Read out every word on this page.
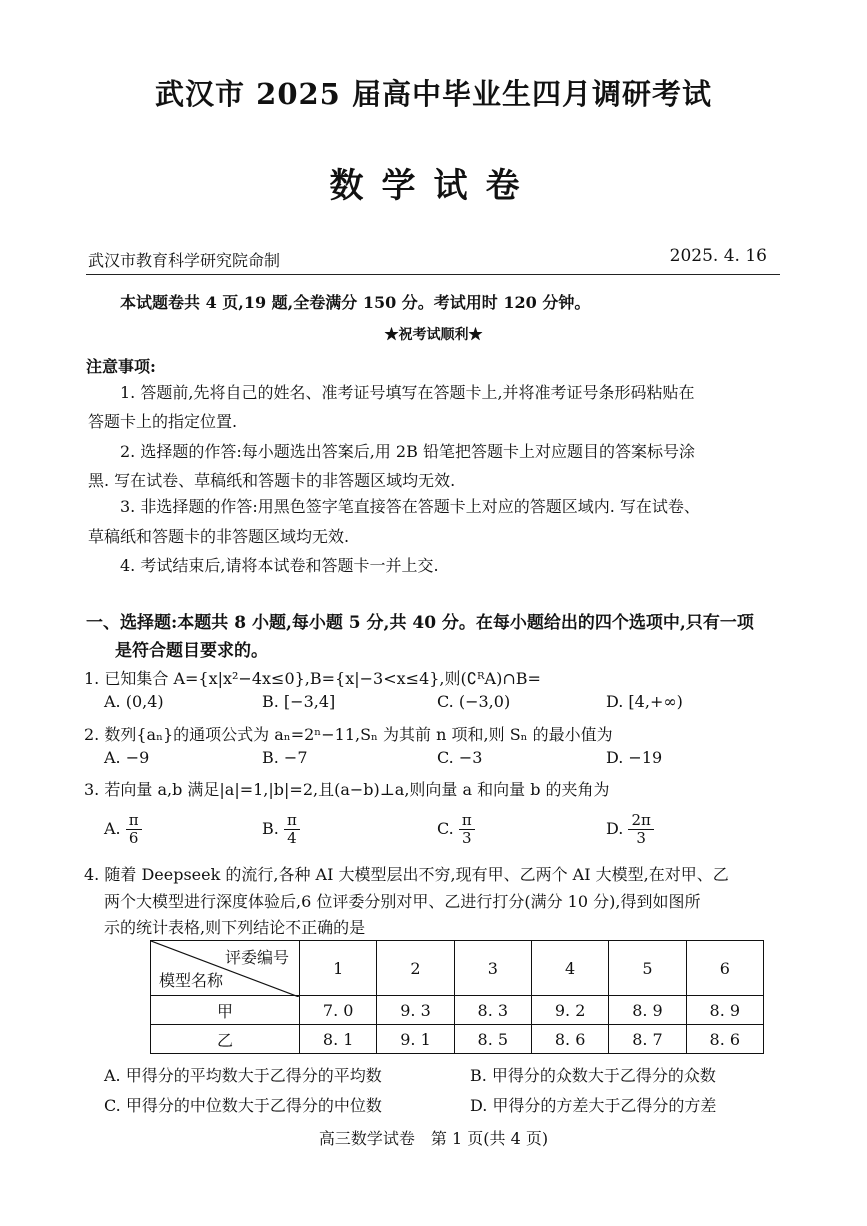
武汉市 2025 届高中毕业生四月调研考试
数学试卷
武汉市教育科学研究院命制	2025. 4. 16
本试题卷共 4 页,19 题,全卷满分 150 分。考试用时 120 分钟。
★祝考试顺利★
注意事项:
1. 答题前,先将自己的姓名、准考证号填写在答题卡上,并将准考证号条形码粘贴在
答题卡上的指定位置.
2. 选择题的作答:每小题选出答案后,用 2B 铅笔把答题卡上对应题目的答案标号涂
黑. 写在试卷、草稿纸和答题卡的非答题区域均无效.
3. 非选择题的作答:用黑色签字笔直接答在答题卡上对应的答题区域内. 写在试卷、
草稿纸和答题卡的非答题区域均无效.
4. 考试结束后,请将本试卷和答题卡一并上交.
一、选择题:本题共 8 小题,每小题 5 分,共 40 分。在每小题给出的四个选项中,只有一项
是符合题目要求的。
1. 已知集合 A={x|x²−4x≤0},B={x|−3<x≤4},则(∁ᴿA)∩B=
A. (0,4)	B. [−3,4]	C. (−3,0)	D. [4,+∞)
2. 数列{aₙ}的通项公式为 aₙ=2ⁿ−11,Sₙ 为其前 n 项和,则 Sₙ 的最小值为
A. −9	B. −7	C. −3	D. −19
3. 若向量 a,b 满足|a|=1,|b|=2,且(a−b)⊥a,则向量 a 和向量 b 的夹角为
A. $\frac{\pi}{6}$	B. $\frac{\pi}{4}$	C. $\frac{\pi}{3}$	D. $\frac{2\pi}{3}$
4. 随着 Deepseek 的流行,各种 AI 大模型层出不穷,现有甲、乙两个 AI 大模型,在对甲、乙
两个大模型进行深度体验后,6 位评委分别对甲、乙进行打分(满分 10 分),得到如图所
示的统计表格,则下列结论不正确的是
评委编号
模型名称	1	2	3	4	5	6
甲	7. 0	9. 3	8. 3	9. 2	8. 9	8. 9
乙	8. 1	9. 1	8. 5	8. 6	8. 7	8. 6
A. 甲得分的平均数大于乙得分的平均数	B. 甲得分的众数大于乙得分的众数
C. 甲得分的中位数大于乙得分的中位数	D. 甲得分的方差大于乙得分的方差
高三数学试卷　第 1 页(共 4 页)
